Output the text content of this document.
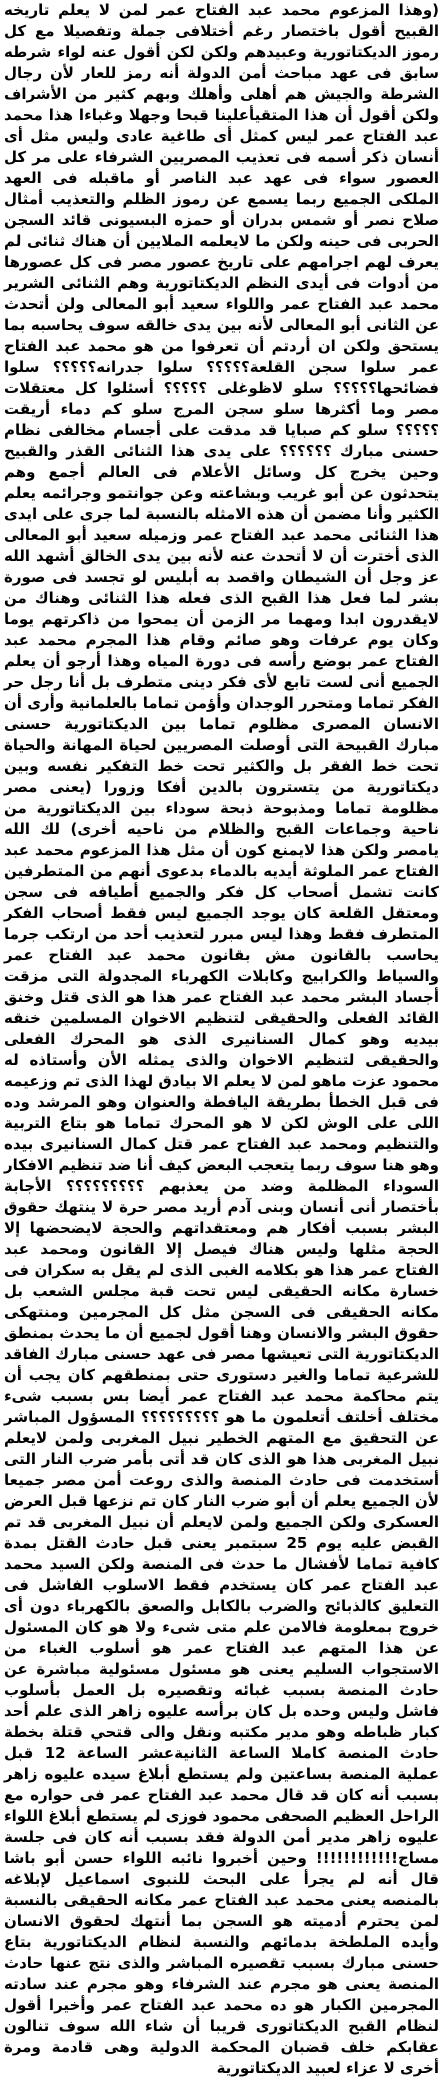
(وهذا المزعوم محمد عبد الفتاح عمر لمن لا يعلم تاريخه القبيح أقول باختصار رغم أختلافى جملة وتفصيلا مع كل رموز الديكتاتورية وعبيدهم ولكن لكن أقول عنه لواء شرطه سابق فى عهد مباحث أمن الدولة أنه رمز للعار لأن رجال الشرطة والجيش هم أهلى وأهلك وبهم كثير من الأشراف ولكن أقول أن هذا المتقيأعلينا قبحا وجهلا وغباءا هذا محمد عبد الفتاح عمر ليس كمثل أى طاغية عادى وليس مثل أى أنسان ذكر أسمه فى تعذيب المصريين الشرفاء على مر كل العصور سواء فى عهد عبد الناصر أو ماقبله فى العهد الملكى الجميع ربما يسمع عن رموز الظلم والتعذيب أمثال صلاح نصر أو شمس بدران أو حمزه البسيونى قائد السجن الحربى فى حينه ولكن ما لايعلمه الملايين أن هناك ثنائى لم يعرف لهم اجرامهم على تاريخ عصور مصر فى كل عصورها من أدوات فى أيدى النظم الديكتاتورية وهم الثنائى الشرير محمد عبد الفتاح عمر واللواء سعيد أبو المعالى ولن أتحدث عن الثانى أبو المعالى لأنه بين يدى خالقه سوف يحاسبه بما يستحق ولكن ان أردتم أن تعرفوا من هو محمد عبد الفتاح عمر سلوا سجن القلعة؟؟؟؟؟ سلوا جدرانه؟؟؟؟؟ سلوا فضائحها؟؟؟؟؟ سلو لاظوغلى ؟؟؟؟؟ أسئلوا كل معتقلات مصر وما أكثرها سلو سجن المرج سلو كم دماء أريقت ؟؟؟؟؟ سلو كم صبايا قد مدقت على أجسام مخالفى نظام حسنى مبارك ؟؟؟؟؟؟ على يدى هذا الثنائى القذر والقبيح وحين يخرج كل وسائل الأعلام فى العالم أجمع وهم يتحدثون عن أبو غريب وبشاعته وعن جوانتمو وجرائمه يعلم الكثير وأنا مضمن أن هذه الامثله بالنسبة لما جرى على ايدى هذا الثنائى محمد عبد الفتاح عمر وزميله سعيد أبو المعالى الذى أخترت أن لا أتحدث عنه لأنه بين يدى الخالق أشهد الله عز وجل أن الشيطان واقصد به أبليس لو تجسد فى صورة بشر لما فعل هذا القبح الذى فعله هذا الثنائى وهناك من لايقدرون ابدا ومهما مر الزمن أن يمحوا من ذاكرتهم يوما وكان يوم عرفات وهو صائم وقام هذا المجرم محمد عبد الفتاح عمر بوضع رأسه فى دورة المياه وهذا أرجو أن يعلم الجميع أنى لست تابع لأى فكر دينى متطرف بل أنا رجل حر الفكر تماما ومتحرر الوجدان وأؤمن تماما بالعلمانية وأرى أن الانسان المصرى مظلوم تماما بين الديكتاتورية حسنى مبارك القبيحة التى أوصلت المصريين لحياة المهانة والحياة تحت خط الفقر بل والكثير تحت خط التفكير نفسه وبين ديكتاتورية من يتسترون بالدين أفكا وزورا (يعنى مصر مظلومة تماما ومذبوحة ذبحة سوداء بين الديكتاتورية من ناحية وجماعات القبح والظلام من ناحيه أخرى) لك الله يامصر ولكن هذا لايمنع كون أن مثل هذا المزعوم محمد عبد الفتاح عمر الملوثة أيديه بالدماء بدعوى أنهم من المتطرفين كانت تشمل أصحاب كل فكر والجميع أطيافه فى سجن ومعتقل القلعة كان يوجد الجميع ليس فقط أصحاب الفكر المتطرف فقط وهذا ليس مبرر لتعذيب أحد من ارتكب جرما يحاسب بالقانون مش بقانون محمد عبد الفتاح عمر والسياط والكرابيج وكابلات الكهرباء المجدولة التى مزقت أجساد البشر محمد عبد الفتاح عمر هذا هو الذى قتل وخنق القائد الفعلى والحقيقى لتنظيم الاخوان المسلمين خنقه بيديه وهو كمال السنانيرى الذى هو المحرك الفعلى والحقيقى لتنظيم الاخوان والذى يمثله الأن وأستاذه له محمود عزت ماهو لمن لا يعلم الا بيادق لهذا الذى تم وزعيمه فى قبل الخطأ بطريقة اليافطة والعنوان وهو المرشد وده اللى على الوش لكن لا هو المحرك تماما هو بتاع التربية والتنظيم ومحمد عبد الفتاح عمر قتل كمال السنانيرى بيده وهو هنا سوف ربما يتعجب البعض كيف أنا ضد تنظيم الافكار السوداء المظلمة وضد من يعذبهم ؟؟؟؟؟؟؟؟؟ الأجابة بأختصار أنى أنسان وبنى آدم أريد مصر حرة لا ينتهك حقوق البشر بسبب أفكار هم ومعتقداتهم والحجة لايضحضها إلا الحجة مثلها وليس هناك فيصل إلا القانون ومحمد عبد الفتاح عمر هذا هو بكلامه الغبى الذى لم يقل به سكران فى خسارة مكانه الحقيقى ليس تحت قبة مجلس الشعب بل مكانه الحقيقى فى السجن مثل كل المجرمين ومنتهكى حقوق البشر والانسان وهنا أقول لجميع أن ما يحدث بمنطق الديكتاتورية التى تعيشها مصر فى عهد حسنى مبارك الفاقد للشرعية تماما والغير دستورى حتى بمنطقهم كان يجب أن يتم محاكمة محمد عبد الفتاح عمر أيضا بس بسبب شىء مختلف أخلتف أتعلمون ما هو ؟؟؟؟؟؟؟؟؟ المسؤول المباشر عن التحقيق مع المتهم الخطير نبيل المغربى ولمن لايعلم نبيل المغربى هذا هو الذى كان قد أتى بأمر ضرب النار التى أستخدمت فى حادث المنصة والذى روعت أمن مصر جميعا لأن الجميع يعلم أن أبو ضرب النار كان تم نزعها قبل العرض العسكرى ولكن الجميع ولمن لايعلم أن نبيل المغربى قد تم القبض عليه يوم 25 سبتمبر يعنى قبل حادث القتل بمدة كافية تماما لأفشال ما حدث فى المنصة ولكن السيد محمد عبد الفتاح عمر كان يستخدم فقط الاسلوب الفاشل فى التعليق كالذبائح والضرب بالكابل والصعق بالكهرباء دون أى خروج بمعلومة فالامن علم متى شىء ولا هو كان المسئول عن هذا المتهم عبد الفتاح عمر هو أسلوب الغباء من الاستجواب السليم يعنى هو مسئول مسئولية مباشرة عن حادث المنصة بسبب غبائه وتقصيره بل العمل بأسلوب فاشل وليس وحده بل كان برأسه عليوه زاهر الذى علم أحد كبار ظباطه وهو مدير مكتبه ونقل والى قتحي قتلة بخطة حادث المنصة كاملا الساعة الثانيةعشر الساعة 12 قبل عملية المنصة بساعتين ولم يستطع أبلاغ سيده عليوه زاهر بسبب أنه كان قد قال محمد عبد الفتاح عمر فى حواره مع الراحل العظيم الصحفى محمود فوزى لم يستطع أبلاغ اللواء عليوه زاهر مدير أمن الدولة فقد بسبب أنه كان فى جلسة مساج!!!!!!!!!!!! وحين أخبروا نائبه اللواء حسن أبو باشا قال أنه لم يجرأ على البحث للنبوى اسماعيل لإبلاغه بالمنصه يعنى محمد عبد الفتاح عمر مكانه الحقيقى بالنسبة لمن يحترم أدميته هو السجن بما أنتهك لحقوق الانسان وأيده الملطخة بدمائهم والنسبة لنظام الديكتاتورية بتاع حسنى مبارك بسبب تقصيره المباشر والذى نتج عنها حادث المنصة يعنى هو مجرم عند الشرفاء وهو مجرم عند سادته المجرمين الكبار هو ده محمد عبد الفتاح عمر وأخيرا أقول لنظام القبح الديكتاتورى قريبا أن شاء الله سوف تنالون عقابكم خلف قضبان المحكمة الدولية وهى قادمة ومرة أخرى لا عزاء لعبيد الديكتاتورية
